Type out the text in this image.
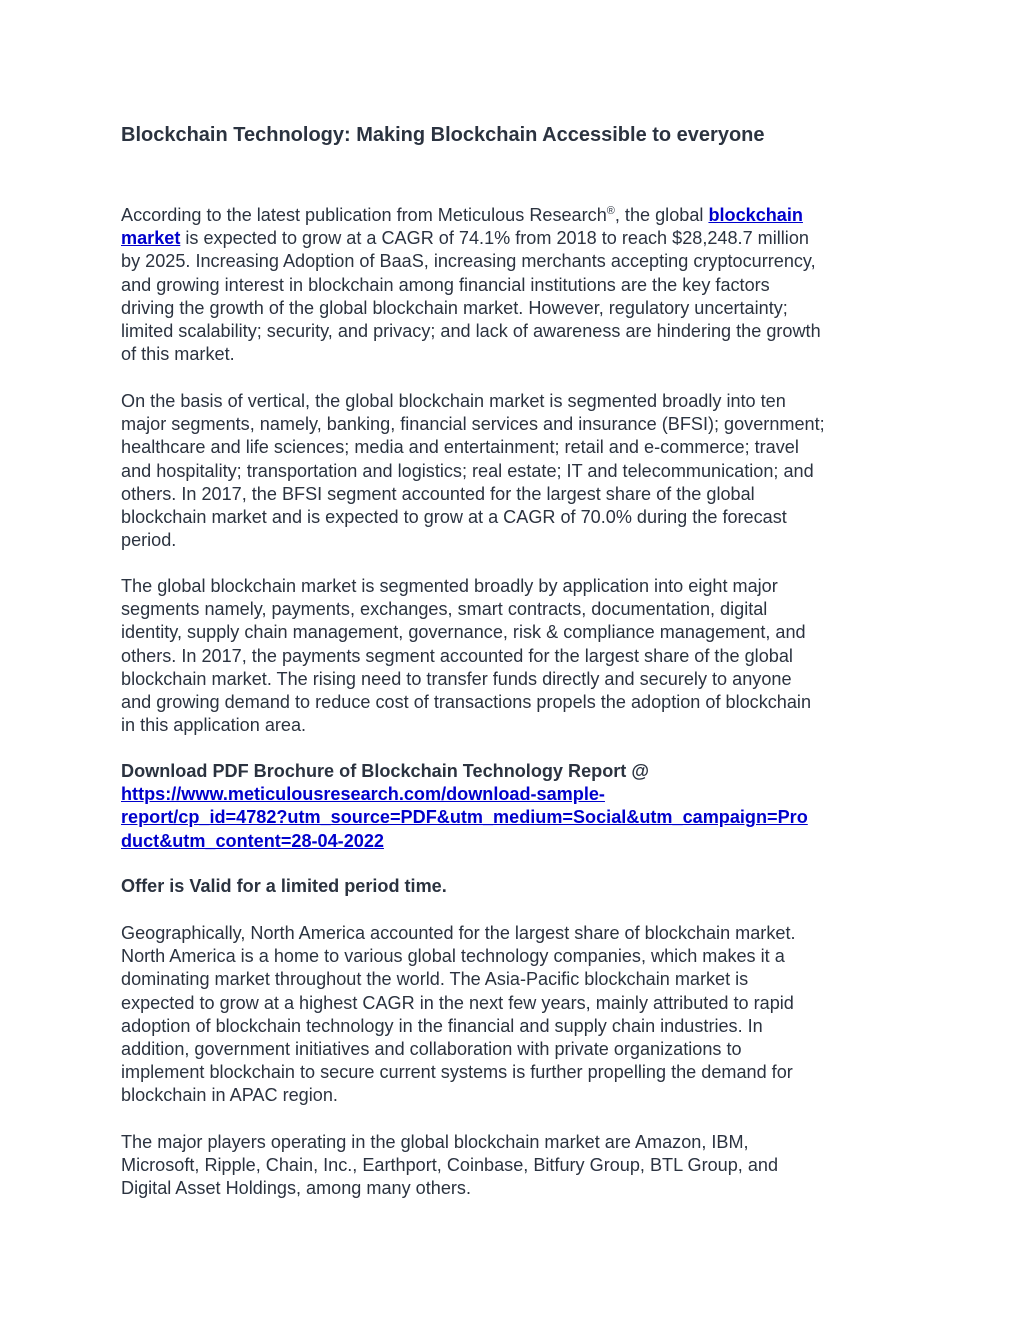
Blockchain Technology: Making Blockchain Accessible to everyone

According to the latest publication from Meticulous Research®, the global blockchain
market is expected to grow at a CAGR of 74.1% from 2018 to reach $28,248.7 million
by 2025. Increasing Adoption of BaaS, increasing merchants accepting cryptocurrency,
and growing interest in blockchain among financial institutions are the key factors
driving the growth of the global blockchain market. However, regulatory uncertainty;
limited scalability; security, and privacy; and lack of awareness are hindering the growth
of this market.

On the basis of vertical, the global blockchain market is segmented broadly into ten
major segments, namely, banking, financial services and insurance (BFSI); government;
healthcare and life sciences; media and entertainment; retail and e-commerce; travel
and hospitality; transportation and logistics; real estate; IT and telecommunication; and
others. In 2017, the BFSI segment accounted for the largest share of the global
blockchain market and is expected to grow at a CAGR of 70.0% during the forecast
period.

The global blockchain market is segmented broadly by application into eight major
segments namely, payments, exchanges, smart contracts, documentation, digital
identity, supply chain management, governance, risk & compliance management, and
others. In 2017, the payments segment accounted for the largest share of the global
blockchain market. The rising need to transfer funds directly and securely to anyone
and growing demand to reduce cost of transactions propels the adoption of blockchain
in this application area.

Download PDF Brochure of Blockchain Technology Report @
https://www.meticulousresearch.com/download-sample-
report/cp_id=4782?utm_source=PDF&utm_medium=Social&utm_campaign=Pro
duct&utm_content=28-04-2022

Offer is Valid for a limited period time.

Geographically, North America accounted for the largest share of blockchain market.
North America is a home to various global technology companies, which makes it a
dominating market throughout the world. The Asia-Pacific blockchain market is
expected to grow at a highest CAGR in the next few years, mainly attributed to rapid
adoption of blockchain technology in the financial and supply chain industries. In
addition, government initiatives and collaboration with private organizations to
implement blockchain to secure current systems is further propelling the demand for
blockchain in APAC region.

The major players operating in the global blockchain market are Amazon, IBM,
Microsoft, Ripple, Chain, Inc., Earthport, Coinbase, Bitfury Group, BTL Group, and
Digital Asset Holdings, among many others.
